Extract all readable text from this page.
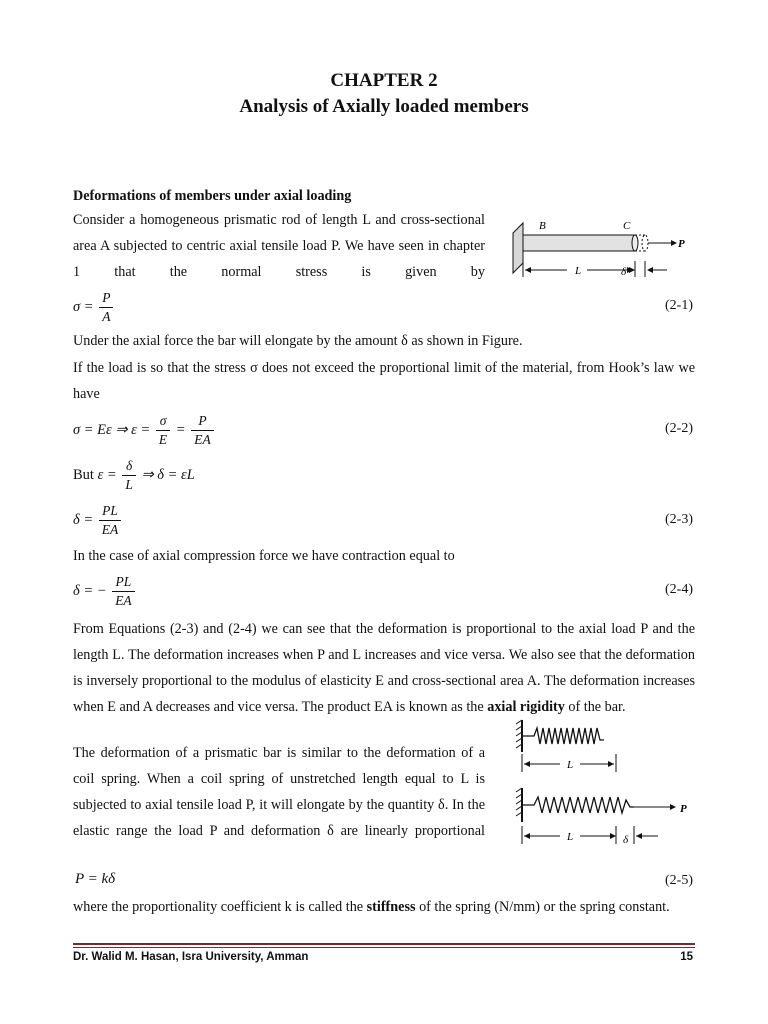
CHAPTER 2
Analysis of Axially loaded members
Deformations of members under axial loading
Consider a homogeneous prismatic rod of length L and cross-sectional area A subjected to centric axial tensile load P. We have seen in chapter 1 that the normal stress is given by
B	C
P
L	δ
$\sigma = \frac{P}{A}$	(2-1)
Under the axial force the bar will elongate by the amount δ as shown in Figure.
If the load is so that the stress σ does not exceed the proportional limit of the material, from Hook’s law we have
σ = Eε ⇒ $\varepsilon = \frac{\sigma}{E} = \frac{P}{EA}$	(2-2)
But $\varepsilon = \frac{\delta}{L}$ ⇒ δ = εL
$\delta = \frac{PL}{EA}$	(2-3)
In the case of axial compression force we have contraction equal to
δ = − $\frac{PL}{EA}$	(2-4)
From Equations (2-3) and (2-4) we can see that the deformation is proportional to the axial load P and the length L. The deformation increases when P and L increases and vice versa. We also see that the deformation is inversely proportional to the modulus of elasticity E and cross-sectional area A. The deformation increases when E and A decreases and vice versa. The product EA is known as the axial rigidity of the bar.
The deformation of a prismatic bar is similar to the deformation of a coil spring. When a coil spring of unstretched length equal to L is subjected to axial tensile load P, it will elongate by the quantity δ. In the elastic range the load P and deformation δ are linearly proportional
L
P
L	δ
P = kδ	(2-5)
where the proportionality coefficient k is called the stiffness of the spring (N/mm) or the spring constant.
Dr. Walid M. Hasan, Isra University, Amman	15
